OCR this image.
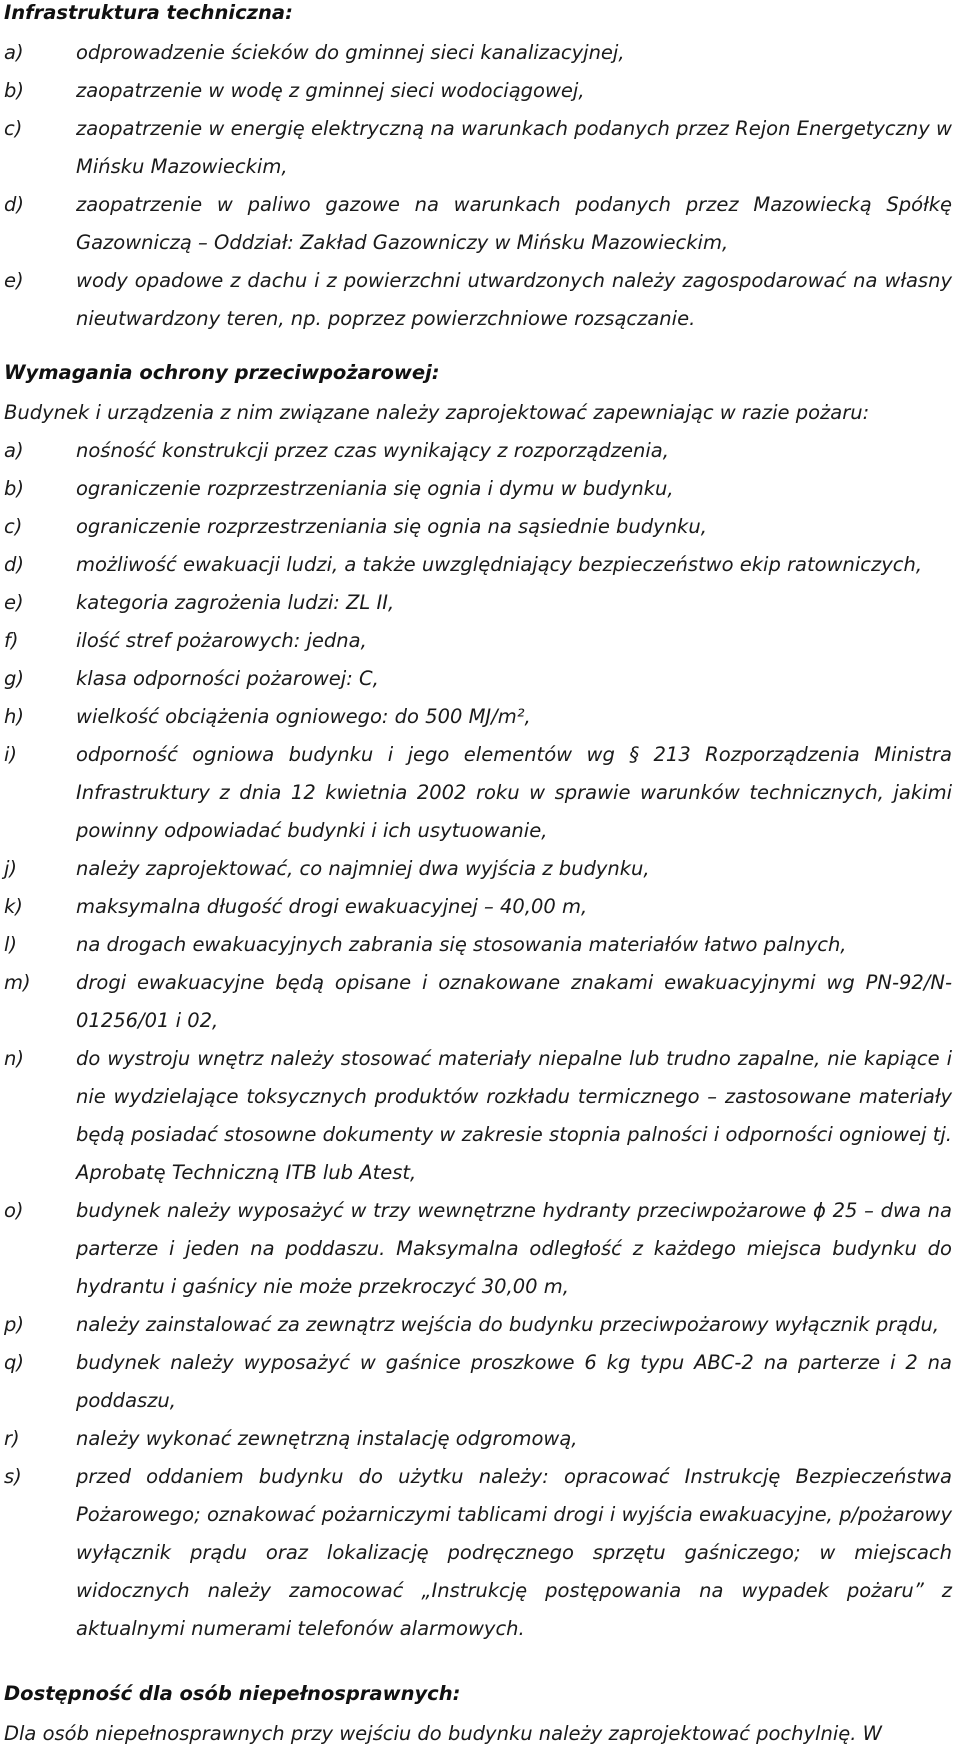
Infrastruktura techniczna:
a)	odprowadzenie ścieków do gminnej sieci kanalizacyjnej,
b)	zaopatrzenie w wodę z gminnej sieci wodociągowej,
c)	zaopatrzenie w energię elektryczną na warunkach podanych przez Rejon Energetyczny w Mińsku Mazowieckim,
d)	zaopatrzenie w paliwo gazowe na warunkach podanych przez Mazowiecką Spółkę Gazowniczą – Oddział: Zakład Gazowniczy w Mińsku Mazowieckim,
e)	wody opadowe z dachu i z powierzchni utwardzonych należy zagospodarować na własny nieutwardzony teren, np. poprzez powierzchniowe rozsączanie.
Wymagania ochrony przeciwpożarowej:
Budynek i urządzenia z nim związane należy zaprojektować zapewniając w razie pożaru:
a)	nośność konstrukcji przez czas wynikający z rozporządzenia,
b)	ograniczenie rozprzestrzeniania się ognia i dymu w budynku,
c)	ograniczenie rozprzestrzeniania się ognia na sąsiednie budynku,
d)	możliwość ewakuacji ludzi, a także uwzględniający bezpieczeństwo ekip ratowniczych,
e)	kategoria zagrożenia ludzi: ZL II,
f)	ilość stref pożarowych: jedna,
g)	klasa odporności pożarowej: C,
h)	wielkość obciążenia ogniowego: do 500 MJ/m²,
i)	odporność ogniowa budynku i jego elementów wg § 213 Rozporządzenia Ministra Infrastruktury z dnia 12 kwietnia 2002 roku w sprawie warunków technicznych, jakimi powinny odpowiadać budynki i ich usytuowanie,
j)	należy zaprojektować, co najmniej dwa wyjścia z budynku,
k)	maksymalna długość drogi ewakuacyjnej – 40,00 m,
l)	na drogach ewakuacyjnych zabrania się stosowania materiałów łatwo palnych,
m)	drogi ewakuacyjne będą opisane i oznakowane znakami ewakuacyjnymi wg PN-92/N-01256/01 i 02,
n)	do wystroju wnętrz należy stosować materiały niepalne lub trudno zapalne, nie kapiące i nie wydzielające toksycznych produktów rozkładu termicznego – zastosowane materiały będą posiadać stosowne dokumenty w zakresie stopnia palności i odporności ogniowej tj. Aprobatę Techniczną ITB lub Atest,
o)	budynek należy wyposażyć w trzy wewnętrzne hydranty przeciwpożarowe ϕ 25 – dwa na parterze i jeden na poddaszu. Maksymalna odległość z każdego miejsca budynku do hydrantu i gaśnicy nie może przekroczyć 30,00 m,
p)	należy zainstalować za zewnątrz wejścia do budynku przeciwpożarowy wyłącznik prądu,
q)	budynek należy wyposażyć w gaśnice proszkowe 6 kg typu ABC-2 na parterze i 2 na poddaszu,
r)	należy wykonać zewnętrzną instalację odgromową,
s)	przed oddaniem budynku do użytku należy: opracować Instrukcję Bezpieczeństwa Pożarowego; oznakować pożarniczymi tablicami drogi i wyjścia ewakuacyjne, p/pożarowy wyłącznik prądu oraz lokalizację podręcznego sprzętu gaśniczego; w miejscach widocznych należy zamocować „Instrukcję postępowania na wypadek pożaru” z aktualnymi numerami telefonów alarmowych.
Dostępność dla osób niepełnosprawnych:
Dla osób niepełnosprawnych przy wejściu do budynku należy zaprojektować pochylnię. W
